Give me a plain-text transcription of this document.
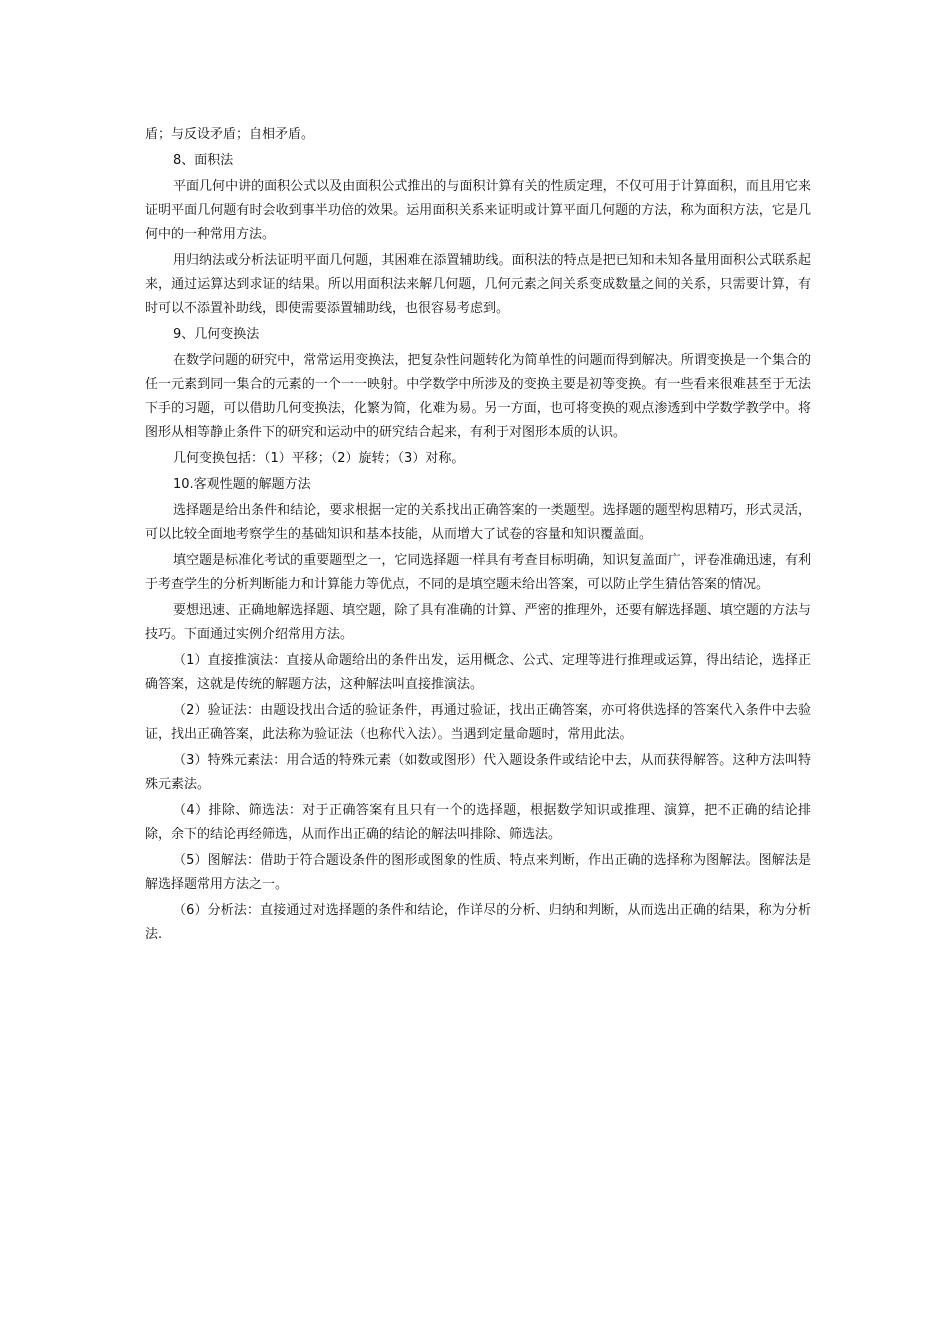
盾；与反设矛盾；自相矛盾。

8、面积法

平面几何中讲的面积公式以及由面积公式推出的与面积计算有关的性质定理，不仅可用于计算面积，而且用它来证明平面几何题有时会收到事半功倍的效果。运用面积关系来证明或计算平面几何题的方法，称为面积方法，它是几何中的一种常用方法。

用归纳法或分析法证明平面几何题，其困难在添置辅助线。面积法的特点是把已知和未知各量用面积公式联系起来，通过运算达到求证的结果。所以用面积法来解几何题，几何元素之间关系变成数量之间的关系，只需要计算，有时可以不添置补助线，即使需要添置辅助线，也很容易考虑到。

9、几何变换法

在数学问题的研究中，常常运用变换法，把复杂性问题转化为简单性的问题而得到解决。所谓变换是一个集合的任一元素到同一集合的元素的一个一一映射。中学数学中所涉及的变换主要是初等变换。有一些看来很难甚至于无法下手的习题，可以借助几何变换法，化繁为简，化难为易。另一方面，也可将变换的观点渗透到中学数学教学中。将图形从相等静止条件下的研究和运动中的研究结合起来，有利于对图形本质的认识。

几何变换包括：（1）平移；（2）旋转；（3）对称。

10.客观性题的解题方法

选择题是给出条件和结论，要求根据一定的关系找出正确答案的一类题型。选择题的题型构思精巧，形式灵活，可以比较全面地考察学生的基础知识和基本技能，从而增大了试卷的容量和知识覆盖面。

填空题是标准化考试的重要题型之一，它同选择题一样具有考查目标明确，知识复盖面广，评卷准确迅速，有利于考查学生的分析判断能力和计算能力等优点，不同的是填空题未给出答案，可以防止学生猜估答案的情况。

要想迅速、正确地解选择题、填空题，除了具有准确的计算、严密的推理外，还要有解选择题、填空题的方法与技巧。下面通过实例介绍常用方法。

（1）直接推演法：直接从命题给出的条件出发，运用概念、公式、定理等进行推理或运算，得出结论，选择正确答案，这就是传统的解题方法，这种解法叫直接推演法。

（2）验证法：由题设找出合适的验证条件，再通过验证，找出正确答案，亦可将供选择的答案代入条件中去验证，找出正确答案，此法称为验证法（也称代入法）。当遇到定量命题时，常用此法。

（3）特殊元素法：用合适的特殊元素（如数或图形）代入题设条件或结论中去，从而获得解答。这种方法叫特殊元素法。

（4）排除、筛选法：对于正确答案有且只有一个的选择题，根据数学知识或推理、演算，把不正确的结论排除，余下的结论再经筛选，从而作出正确的结论的解法叫排除、筛选法。

（5）图解法：借助于符合题设条件的图形或图象的性质、特点来判断，作出正确的选择称为图解法。图解法是解选择题常用方法之一。

（6）分析法：直接通过对选择题的条件和结论，作详尽的分析、归纳和判断，从而选出正确的结果，称为分析法.
